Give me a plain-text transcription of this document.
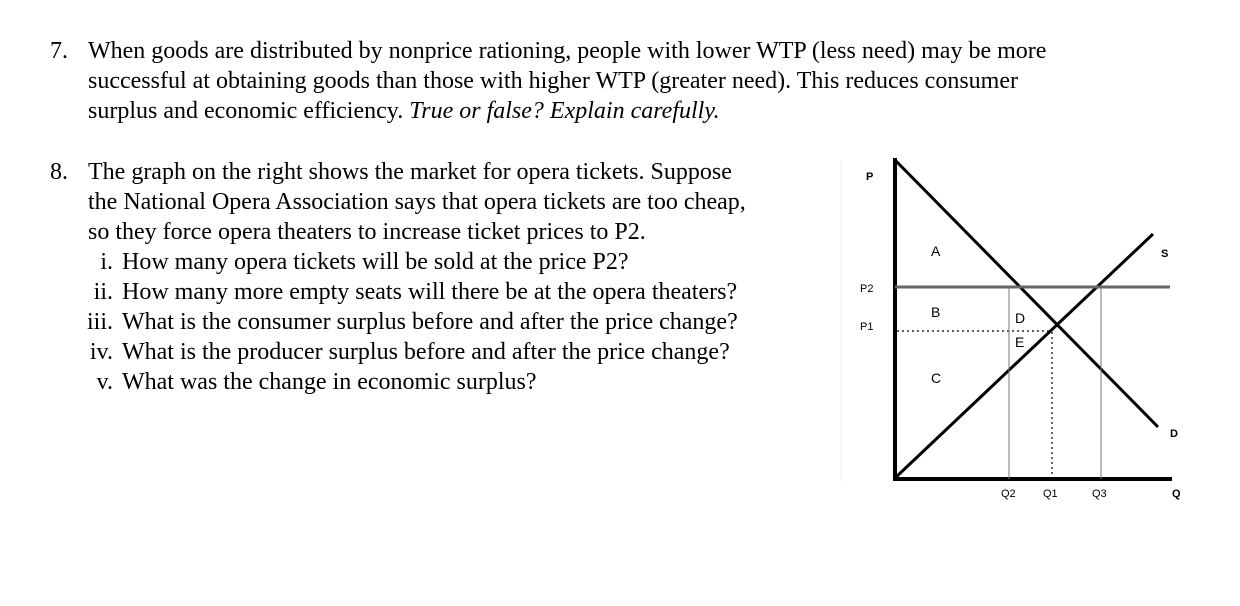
7. When goods are distributed by nonprice rationing, people with lower WTP (less need) may be more
successful at obtaining goods than those with higher WTP (greater need). This reduces consumer
surplus and economic efficiency. True or false? Explain carefully.
8. The graph on the right shows the market for opera tickets. Suppose
the National Opera Association says that opera tickets are too cheap,
so they force opera theaters to increase ticket prices to P2.
i. How many opera tickets will be sold at the price P2?
ii. How many more empty seats will there be at the opera theaters?
iii. What is the consumer surplus before and after the price change?
iv. What is the producer surplus before and after the price change?
v. What was the change in economic surplus?
P
P2
P1
S
D
Q
Q2 Q1	Q3
A
B
C
D
E
